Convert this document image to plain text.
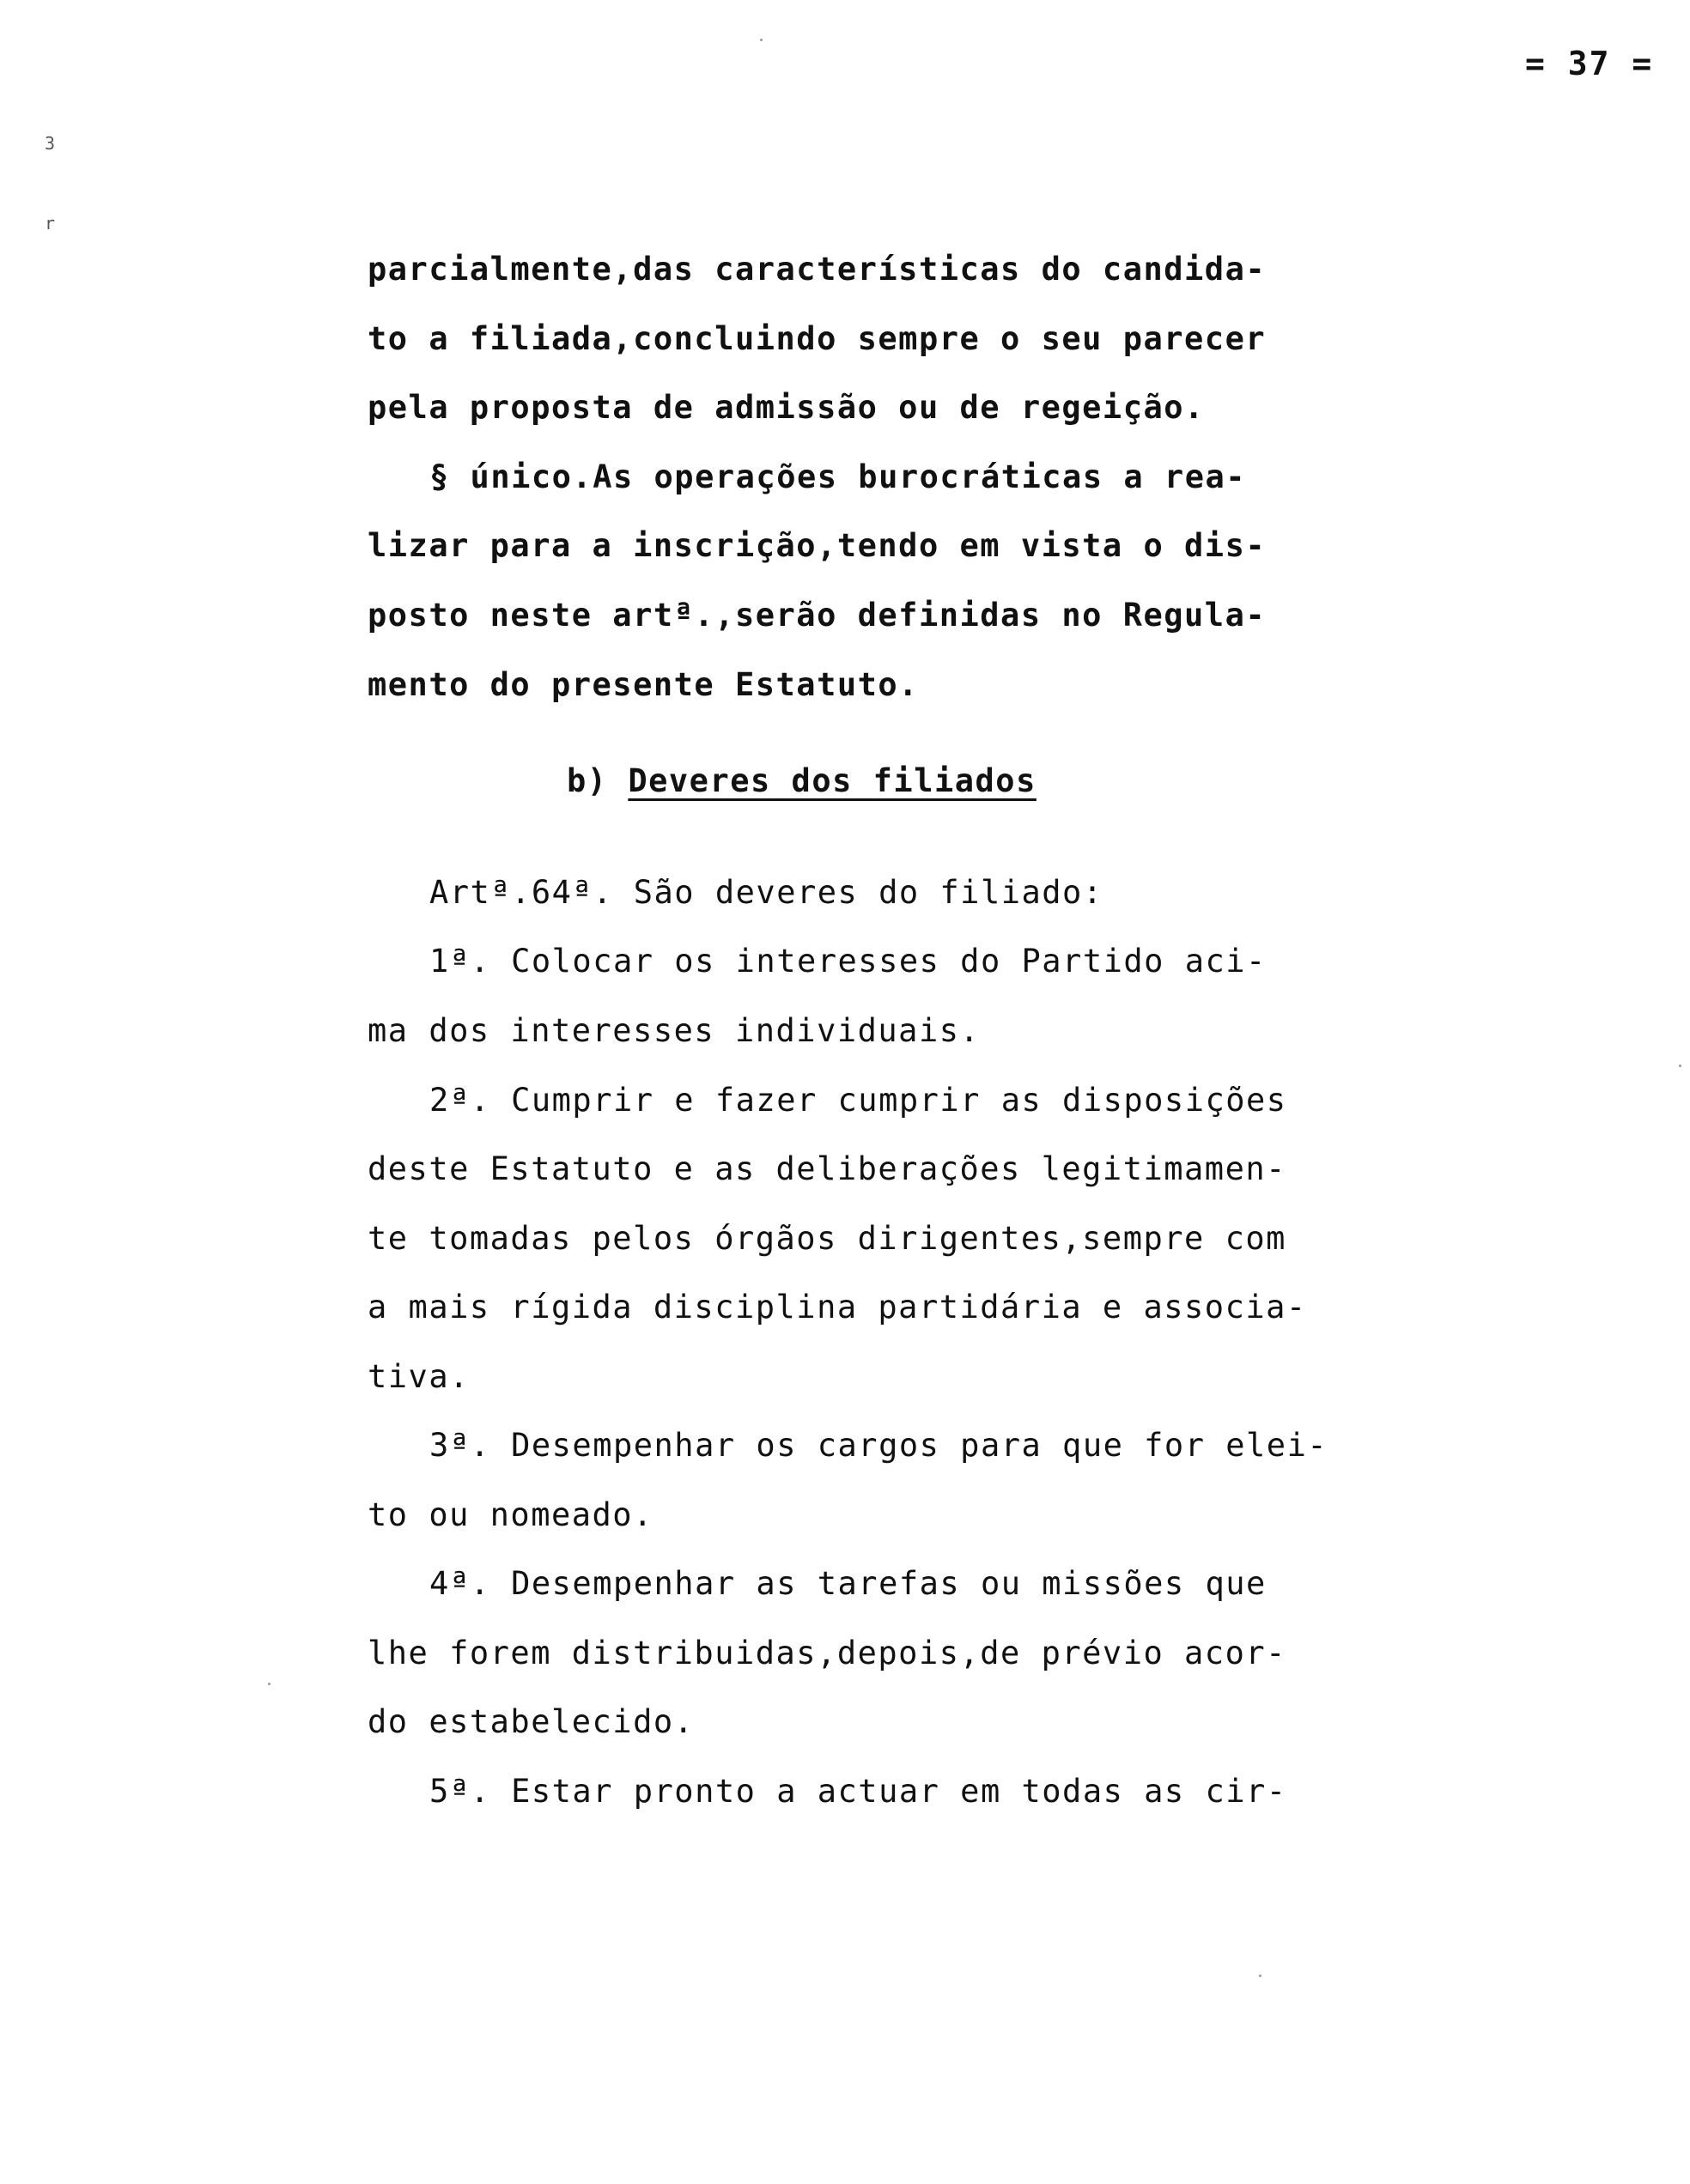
= 37 =
3
r
parcialmente,das características do candida-
to a filiada,concluindo sempre o seu parecer
pela proposta de admissão ou de regeição.
§ único.As operações burocráticas a rea-
lizar para a inscrição,tendo em vista o dis-
posto neste artª.,serão definidas no Regula-
mento do presente Estatuto.
b) Deveres dos filiados
Artª.64ª. São deveres do filiado:
1ª. Colocar os interesses do Partido aci-
ma dos interesses individuais.
2ª. Cumprir e fazer cumprir as disposições
deste Estatuto e as deliberações legitimamen-
te tomadas pelos órgãos dirigentes,sempre com
a mais rígida disciplina partidária e associa-
tiva.
3ª. Desempenhar os cargos para que for elei-
to ou nomeado.
4ª. Desempenhar as tarefas ou missões que
lhe forem distribuidas,depois,de prévio acor-
do estabelecido.
5ª. Estar pronto a actuar em todas as cir-
